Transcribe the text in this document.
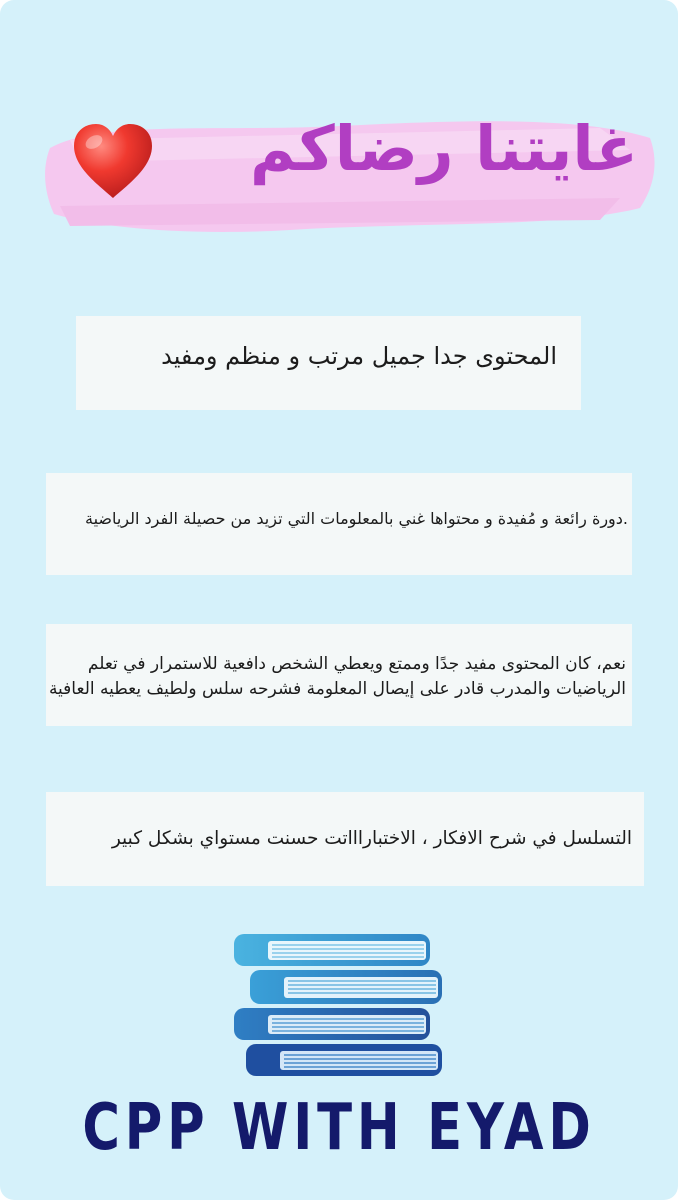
غايتنا رضاكم
المحتوى جدا جميل مرتب و منظم ومفيد
.دورة رائعة و مُفيدة و محتواها غني بالمعلومات التي تزيد من حصيلة الفرد الرياضية
نعم، كان المحتوى مفيد جدًا وممتع ويعطي الشخص دافعية للاستمرار في تعلم
الرياضيات والمدرب قادر على إيصال المعلومة فشرحه سلس ولطيف يعطيه العافية
التسلسل في شرح الافكار ، الاختباراااتت حسنت مستواي بشكل كبير
CPP WITH EYAD
